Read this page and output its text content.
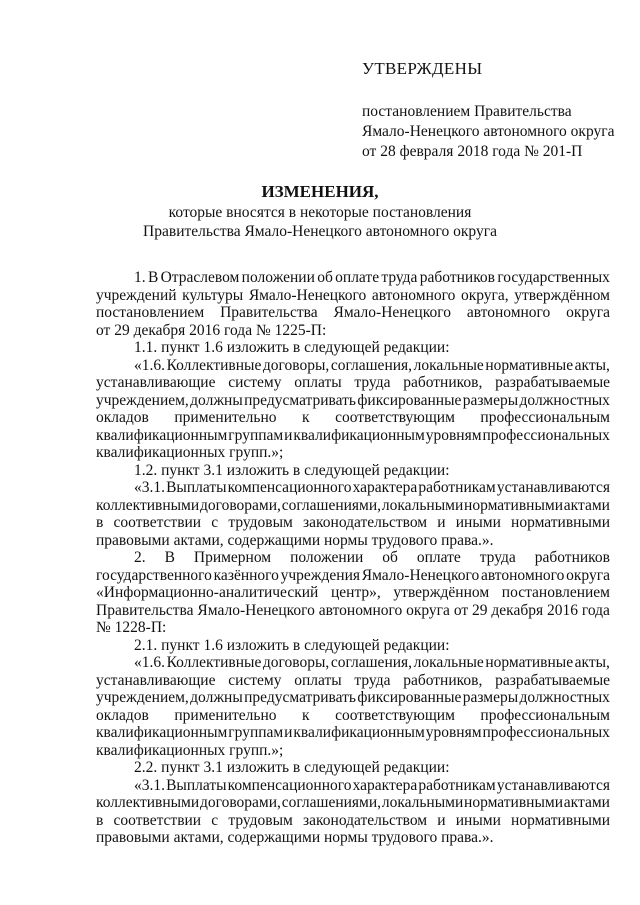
УТВЕРЖДЕНЫ
постановлением Правительства
Ямало-Ненецкого автономного округа
от 28 февраля 2018 года № 201-П
ИЗМЕНЕНИЯ,
которые вносятся в некоторые постановления
Правительства Ямало-Ненецкого автономного округа
1. В Отраслевом положении об оплате труда работников государственных
учреждений культуры Ямало-Ненецкого автономного округа, утверждённом
постановлением Правительства Ямало-Ненецкого автономного округа
от 29 декабря 2016 года № 1225-П:
1.1. пункт 1.6 изложить в следующей редакции:
«1.6. Коллективные договоры, соглашения, локальные нормативные акты,
устанавливающие систему оплаты труда работников, разрабатываемые
учреждением, должны предусматривать фиксированные размеры должностных
окладов применительно к соответствующим профессиональным
квалификационным группам и квалификационным уровням профессиональных
квалификационных групп.»;
1.2. пункт 3.1 изложить в следующей редакции:
«3.1. Выплаты компенсационного характера работникам устанавливаются
коллективными договорами, соглашениями, локальными нормативными актами
в соответствии с трудовым законодательством и иными нормативными
правовыми актами, содержащими нормы трудового права.».
2. В Примерном положении об оплате труда работников
государственного казённого учреждения Ямало-Ненецкого автономного округа
«Информационно-аналитический центр», утверждённом постановлением
Правительства Ямало-Ненецкого автономного округа от 29 декабря 2016 года
№ 1228-П:
2.1. пункт 1.6 изложить в следующей редакции:
«1.6. Коллективные договоры, соглашения, локальные нормативные акты,
устанавливающие систему оплаты труда работников, разрабатываемые
учреждением, должны предусматривать фиксированные размеры должностных
окладов применительно к соответствующим профессиональным
квалификационным группам и квалификационным уровням профессиональных
квалификационных групп.»;
2.2. пункт 3.1 изложить в следующей редакции:
«3.1. Выплаты компенсационного характера работникам устанавливаются
коллективными договорами, соглашениями, локальными нормативными актами
в соответствии с трудовым законодательством и иными нормативными
правовыми актами, содержащими нормы трудового права.».
